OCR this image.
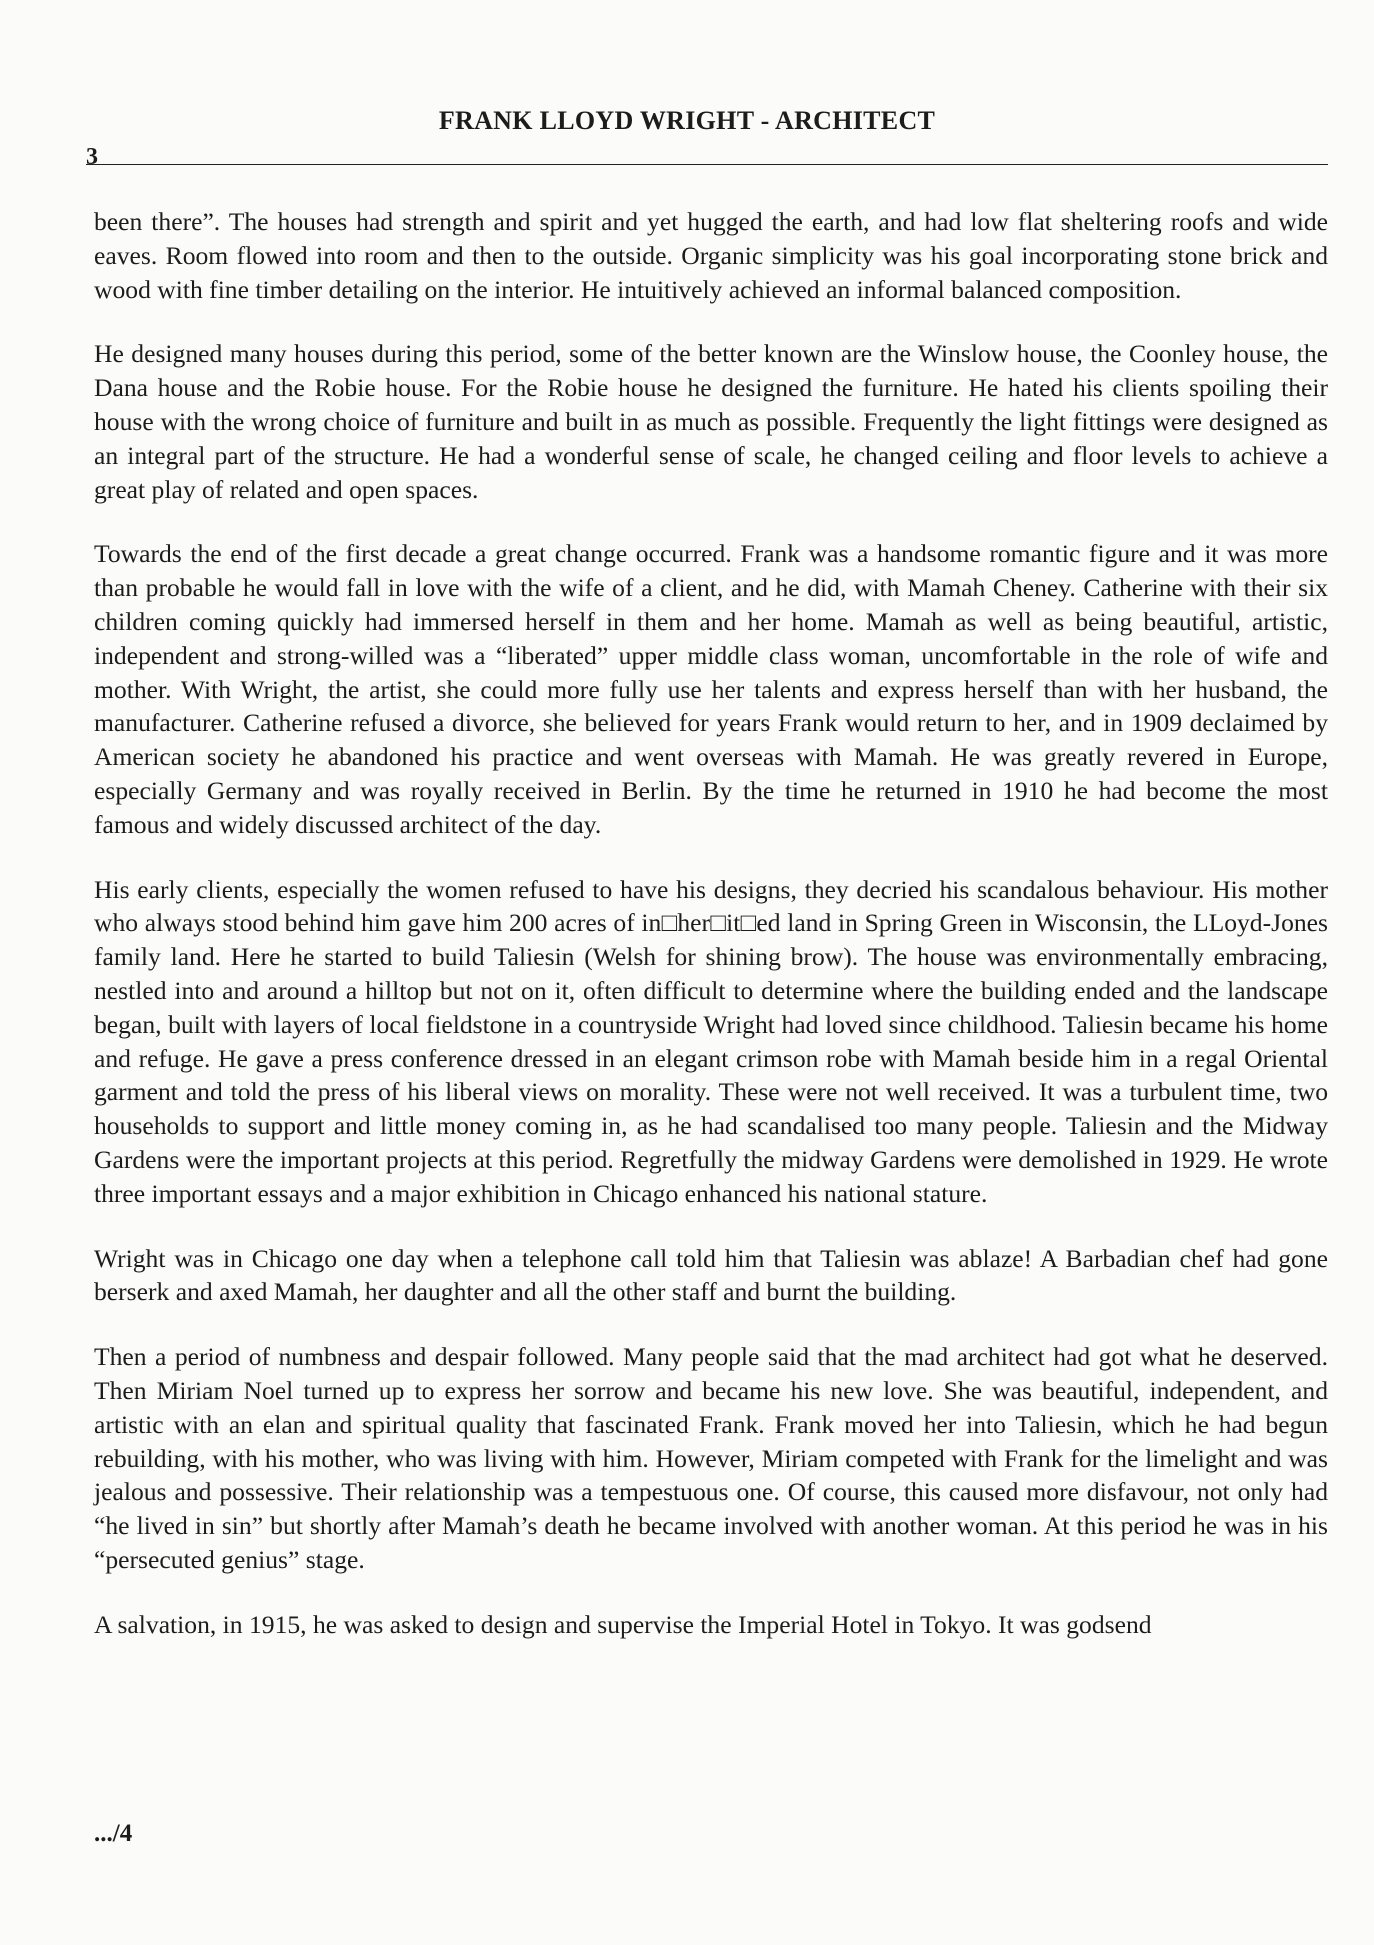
FRANK LLOYD WRIGHT - ARCHITECT
3

been there”. The houses had strength and spirit and yet hugged the earth, and had low flat sheltering roofs and wide eaves. Room flowed into room and then to the outside. Organic simplicity was his goal incorporating stone brick and wood with fine timber detailing on the interior. He intuitively achieved an informal balanced composition.

He designed many houses during this period, some of the better known are the Winslow house, the Coonley house, the Dana house and the Robie house. For the Robie house he designed the furniture. He hated his clients spoiling their house with the wrong choice of furniture and built in as much as possible. Frequently the light fittings were designed as an integral part of the structure. He had a wonderful sense of scale, he changed ceiling and floor levels to achieve a great play of related and open spaces.

Towards the end of the first decade a great change occurred. Frank was a handsome romantic figure and it was more than probable he would fall in love with the wife of a client, and he did, with Mamah Cheney. Catherine with their six children coming quickly had immersed herself in them and her home. Mamah as well as being beautiful, artistic, independent and strong-willed was a “liberated” upper middle class woman, uncomfortable in the role of wife and mother. With Wright, the artist, she could more fully use her talents and express herself than with her husband, the manufacturer. Catherine refused a divorce, she believed for years Frank would return to her, and in 1909 declaimed by American society he abandoned his practice and went overseas with Mamah. He was greatly revered in Europe, especially Germany and was royally received in Berlin. By the time he returned in 1910 he had become the most famous and widely discussed architect of the day.

His early clients, especially the women refused to have his designs, they decried his scandalous behaviour. His mother who always stood behind him gave him 200 acres of in□her□it□ed land in Spring Green in Wisconsin, the LLoyd-Jones family land. Here he started to build Taliesin (Welsh for shining brow). The house was environmentally embracing, nestled into and around a hilltop but not on it, often difficult to determine where the building ended and the landscape began, built with layers of local fieldstone in a countryside Wright had loved since childhood. Taliesin became his home and refuge. He gave a press conference dressed in an elegant crimson robe with Mamah beside him in a regal Oriental garment and told the press of his liberal views on morality. These were not well received. It was a turbulent time, two households to support and little money coming in, as he had scandalised too many people. Taliesin and the Midway Gardens were the important projects at this period. Regretfully the midway Gardens were demolished in 1929. He wrote three important essays and a major exhibition in Chicago enhanced his national stature.

Wright was in Chicago one day when a telephone call told him that Taliesin was ablaze! A Barbadian chef had gone berserk and axed Mamah, her daughter and all the other staff and burnt the building.

Then a period of numbness and despair followed. Many people said that the mad architect had got what he deserved. Then Miriam Noel turned up to express her sorrow and became his new love. She was beautiful, independent, and artistic with an elan and spiritual quality that fascinated Frank. Frank moved her into Taliesin, which he had begun rebuilding, with his mother, who was living with him. However, Miriam competed with Frank for the limelight and was jealous and possessive. Their relationship was a tempestuous one. Of course, this caused more disfavour, not only had “he lived in sin” but shortly after Mamah’s death he became involved with another woman. At this period he was in his “persecuted genius” stage.

A salvation, in 1915, he was asked to design and supervise the Imperial Hotel in Tokyo. It was godsend

.../4
